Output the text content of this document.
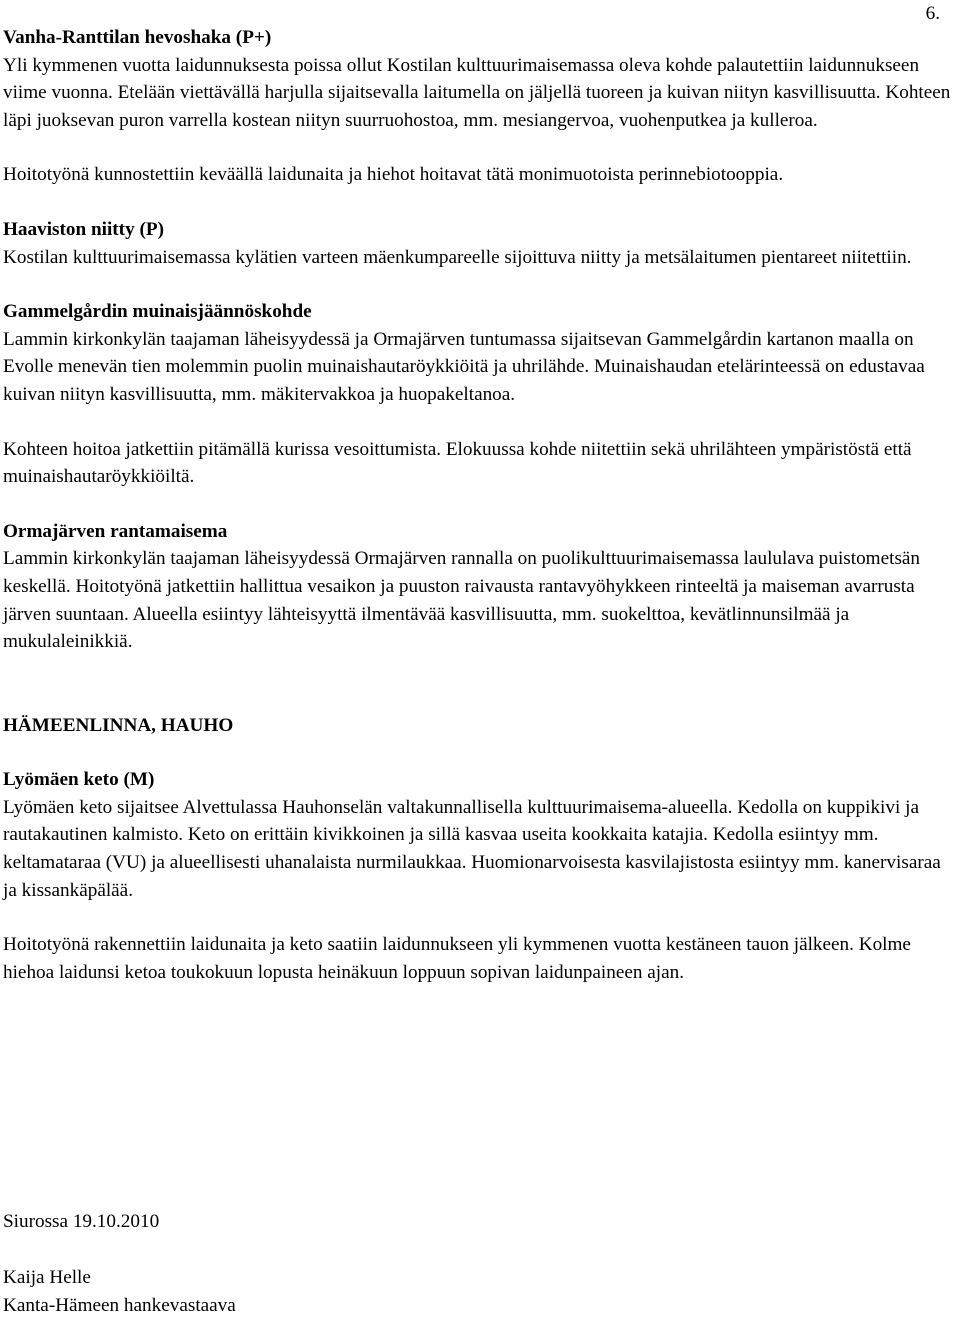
6.
Vanha-Ranttilan hevoshaka (P+)
Yli kymmenen vuotta laidunnuksesta poissa ollut Kostilan kulttuurimaisemassa oleva kohde palautettiin laidunnukseen viime vuonna. Etelään viettävällä harjulla sijaitsevalla laitumella on jäljellä tuoreen ja kuivan niityn kasvillisuutta. Kohteen läpi juoksevan puron varrella kostean niityn suurruohostoa, mm. mesiangervoa, vuohenputkea ja kulleroa.
Hoitotyönä kunnostettiin keväällä laidunaita ja hiehot hoitavat tätä monimuotoista perinnebiotooppia.
Haaviston niitty (P)
Kostilan kulttuurimaisemassa kylätien varteen mäenkumpareelle sijoittuva niitty ja metsälaitumen pientareet niitettiin.
Gammelgårdin muinaisjäännöskohde
Lammin kirkonkylän taajaman läheisyydessä ja Ormajärven tuntumassa sijaitsevan Gammelgårdin kartanon maalla on Evolle menevän tien molemmin puolin muinaishautaröykkiöitä ja uhrilähde. Muinaishaudan etelärinteessä on edustavaa kuivan niityn kasvillisuutta, mm. mäkitervakkoa ja huopakeltanoa.
Kohteen hoitoa jatkettiin pitämällä kurissa vesoittumista. Elokuussa kohde niitettiin sekä uhrilähteen ympäristöstä että muinaishautaröykkiöiltä.
Ormajärven rantamaisema
Lammin kirkonkylän taajaman läheisyydessä Ormajärven rannalla on puolikulttuurimaisemassa laululava puistometsän keskellä. Hoitotyönä jatkettiin hallittua vesaikon ja puuston raivausta rantavyöhykkeen rinteeltä ja maiseman avarrusta järven suuntaan. Alueella esiintyy lähteisyyttä ilmentävää kasvillisuutta, mm. suokelttoa, kevätlinnunsilmää ja mukulaleinikkiä.
HÄMEENLINNA, HAUHO
Lyömäen keto (M)
Lyömäen keto sijaitsee Alvettulassa Hauhonselän valtakunnallisella kulttuurimaisema-alueella. Kedolla on kuppikivi ja rautakautinen kalmisto. Keto on erittäin kivikkoinen ja sillä kasvaa useita kookkaita katajia. Kedolla esiintyy mm. keltamataraa (VU) ja alueellisesti uhanalaista nurmilaukkaa. Huomionarvoisesta kasvilajistosta esiintyy mm. kanervisaraa ja kissankäpälää.
Hoitotyönä rakennettiin laidunaita ja keto saatiin laidunnukseen yli kymmenen vuotta kestäneen tauon jälkeen. Kolme hiehoa laidunsi ketoa toukokuun lopusta heinäkuun loppuun sopivan laidunpaineen ajan.
Siurossa 19.10.2010
Kaija Helle
Kanta-Hämeen hankevastaava
